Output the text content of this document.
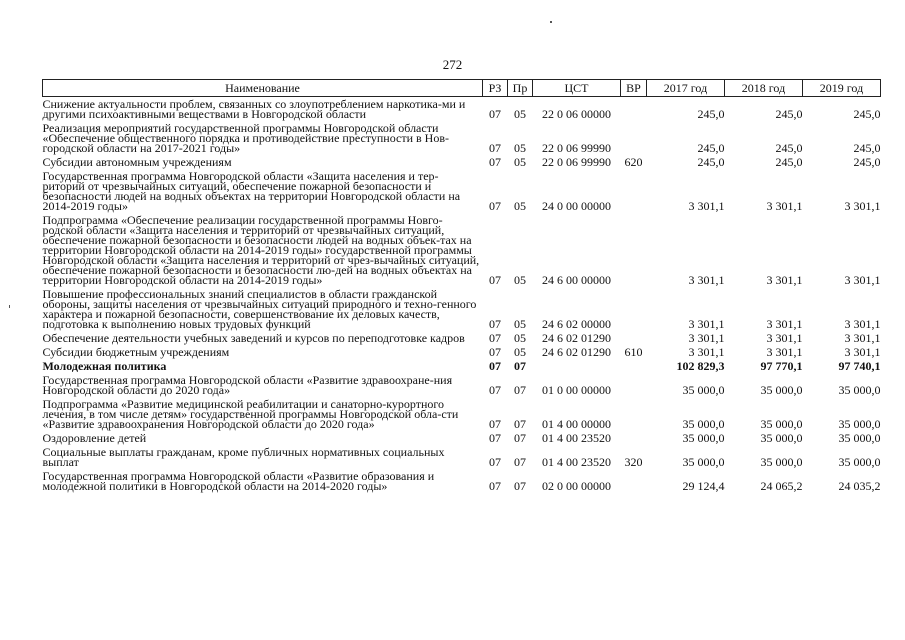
272
Наименование	РЗ	Пр	ЦСТ	ВР	2017 год	2018 год	2019 год
Снижение актуальности проблем, связанных со злоупотреблением наркотика-ми и другими психоактивными веществами в Новгородской области	07	05	22 0 06 00000		245,0	245,0	245,0
Реализация мероприятий государственной программы Новгородской области «Обеспечение общественного порядка и противодействие преступности в Нов-городской области на 2017-2021 годы»	07	05	22 0 06 99990		245,0	245,0	245,0
Субсидии автономным учреждениям	07	05	22 0 06 99990	620	245,0	245,0	245,0
Государственная программа Новгородской области «Защита населения и тер-риторий от чрезвычайных ситуаций, обеспечение пожарной безопасности и безопасности людей на водных объектах на территории Новгородской области на 2014-2019 годы»	07	05	24 0 00 00000		3 301,1	3 301,1	3 301,1
Подпрограмма «Обеспечение реализации государственной программы Новго-родской области «Защита населения и территорий от чрезвычайных ситуаций, обеспечение пожарной безопасности и безопасности людей на водных объек-тах на территории Новгородской области на 2014-2019 годы» государственной программы Новгородской области «Защита населения и территорий от чрез-вычайных ситуаций, обеспечение пожарной безопасности и безопасности лю-дей на водных объектах на территории Новгородской области на 2014-2019 годы»	07	05	24 6 00 00000		3 301,1	3 301,1	3 301,1
Повышение профессиональных знаний специалистов в области гражданской обороны, защиты населения от чрезвычайных ситуаций природного и техно-генного характера и пожарной безопасности, совершенствование их деловых качеств, подготовка к выполнению новых трудовых функций	07	05	24 6 02 00000		3 301,1	3 301,1	3 301,1
Обеспечение деятельности учебных заведений и курсов по переподготовке кадров	07	05	24 6 02 01290		3 301,1	3 301,1	3 301,1
Субсидии бюджетным учреждениям	07	05	24 6 02 01290	610	3 301,1	3 301,1	3 301,1
Молодежная политика	07	07			102 829,3	97 770,1	97 740,1
Государственная программа Новгородской области «Развитие здравоохране-ния Новгородской области до 2020 года»	07	07	01 0 00 00000		35 000,0	35 000,0	35 000,0
Подпрограмма «Развитие медицинской реабилитации и санаторно-курортного лечения, в том числе детям» государственной программы Новгородской обла-сти «Развитие здравоохранения Новгородской области до 2020 года»	07	07	01 4 00 00000		35 000,0	35 000,0	35 000,0
Оздоровление детей	07	07	01 4 00 23520		35 000,0	35 000,0	35 000,0
Социальные выплаты гражданам, кроме публичных нормативных социальных выплат	07	07	01 4 00 23520	320	35 000,0	35 000,0	35 000,0
Государственная программа Новгородской области «Развитие образования и молодежной политики в Новгородской области на 2014-2020 годы»	07	07	02 0 00 00000		29 124,4	24 065,2	24 035,2
